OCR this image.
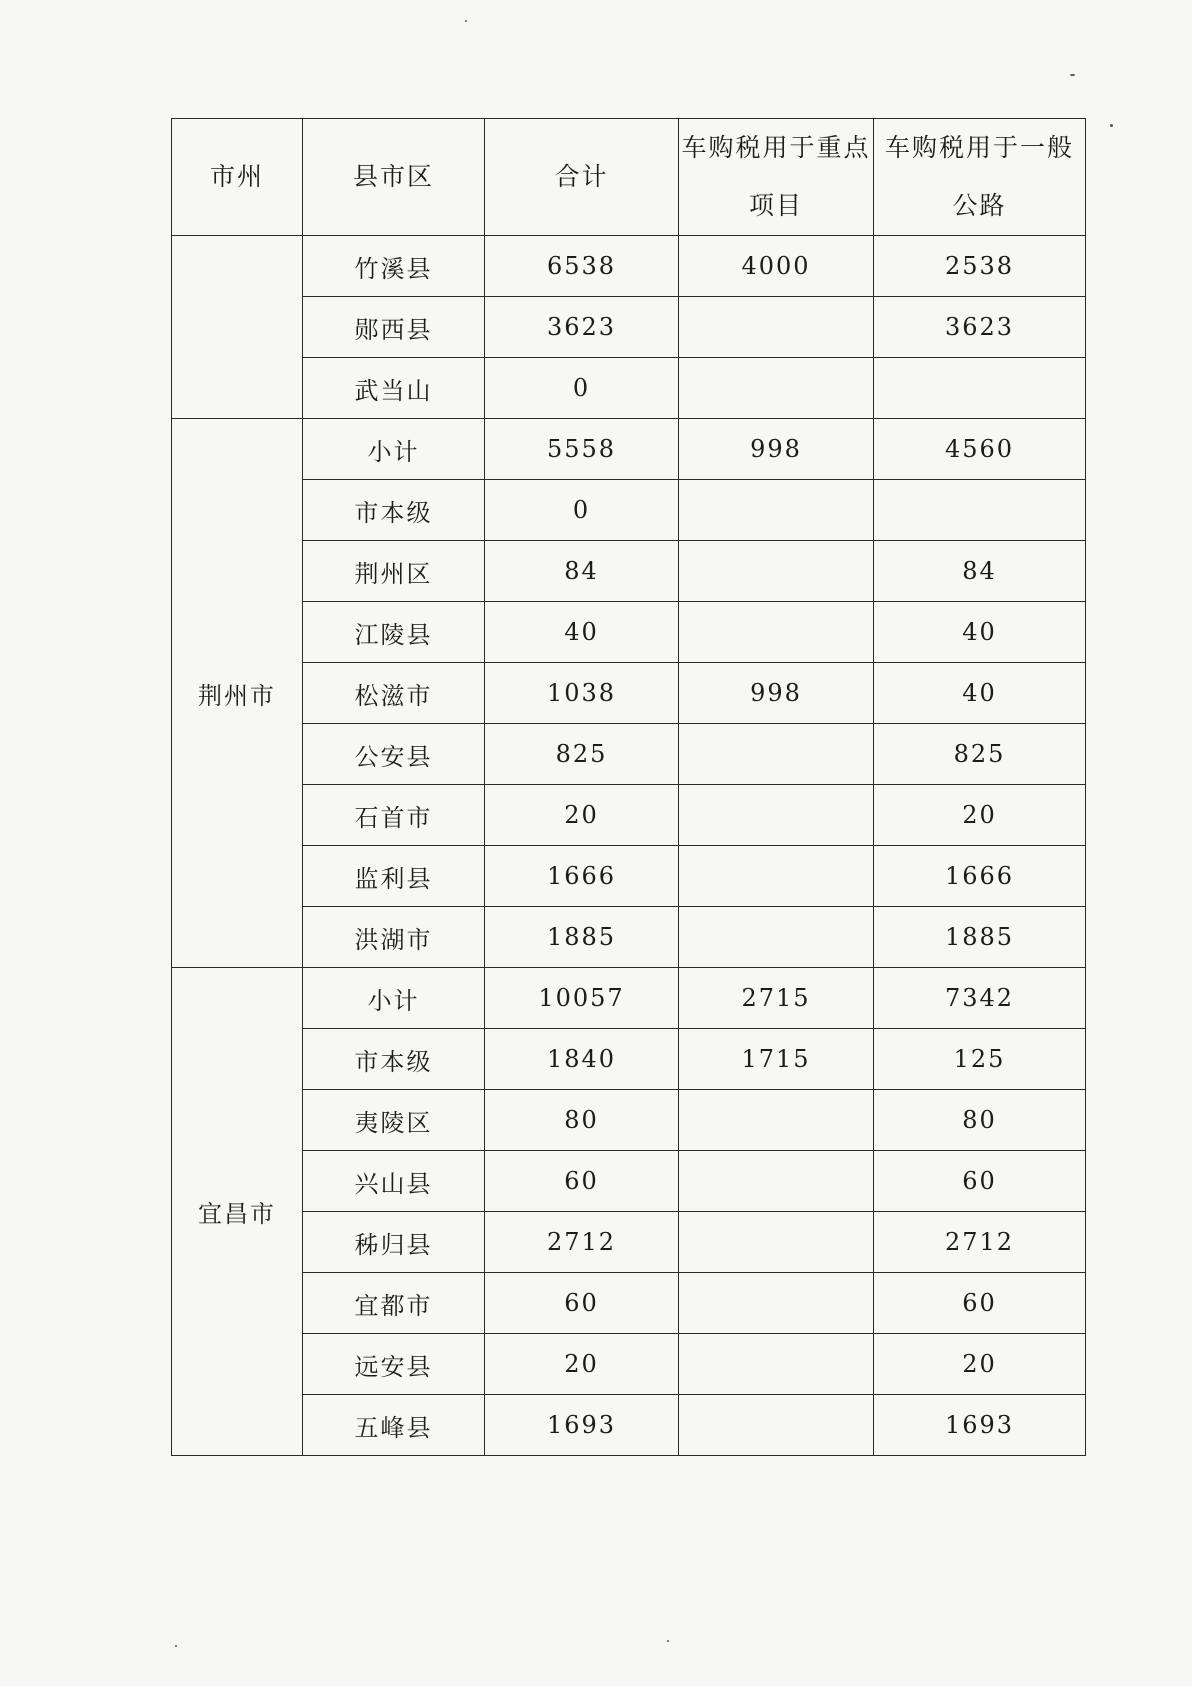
市州	县市区	合计	车购税用于重点项目	车购税用于一般公路
	竹溪县	6538	4000	2538
	郧西县	3623		3623
	武当山	0		
荆州市	小计	5558	998	4560
	市本级	0		
	荆州区	84		84
	江陵县	40		40
	松滋市	1038	998	40
	公安县	825		825
	石首市	20		20
	监利县	1666		1666
	洪湖市	1885		1885
宜昌市	小计	10057	2715	7342
	市本级	1840	1715	125
	夷陵区	80		80
	兴山县	60		60
	秭归县	2712		2712
	宜都市	60		60
	远安县	20		20
	五峰县	1693		1693
